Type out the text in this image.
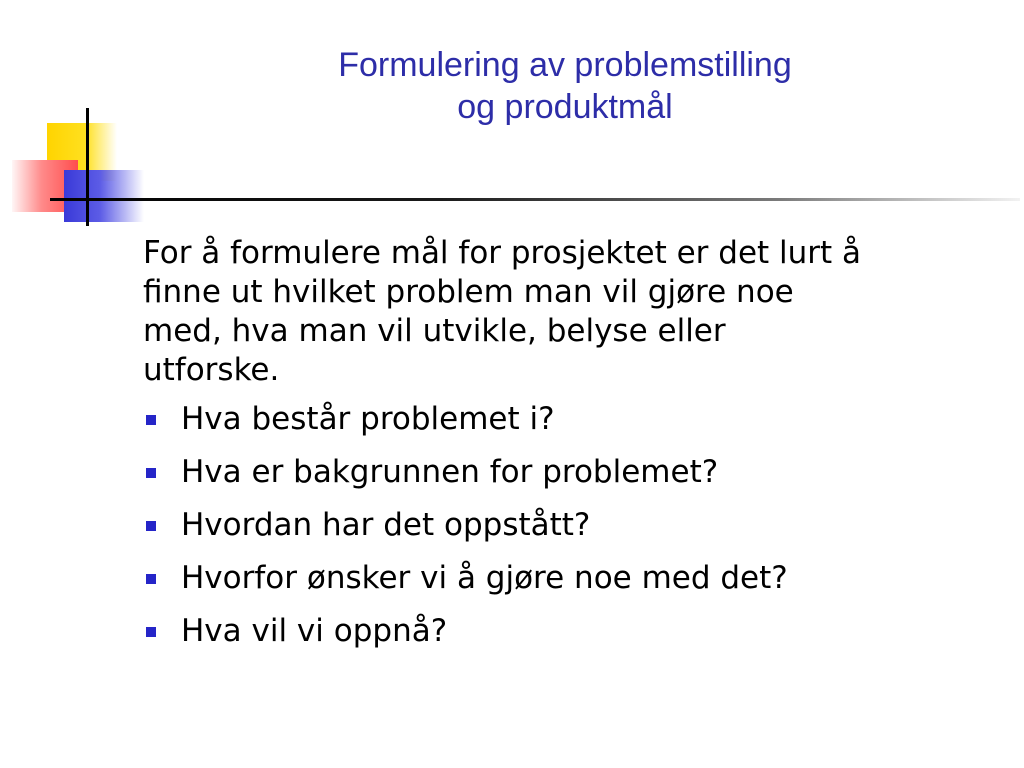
Formulering av problemstilling
og produktmål

For å formulere mål for prosjektet er det lurt å
finne ut hvilket problem man vil gjøre noe
med, hva man vil utvikle, belyse eller
utforske.

Hva består problemet i?
Hva er bakgrunnen for problemet?
Hvordan har det oppstått?
Hvorfor ønsker vi å gjøre noe med det?
Hva vil vi oppnå?
